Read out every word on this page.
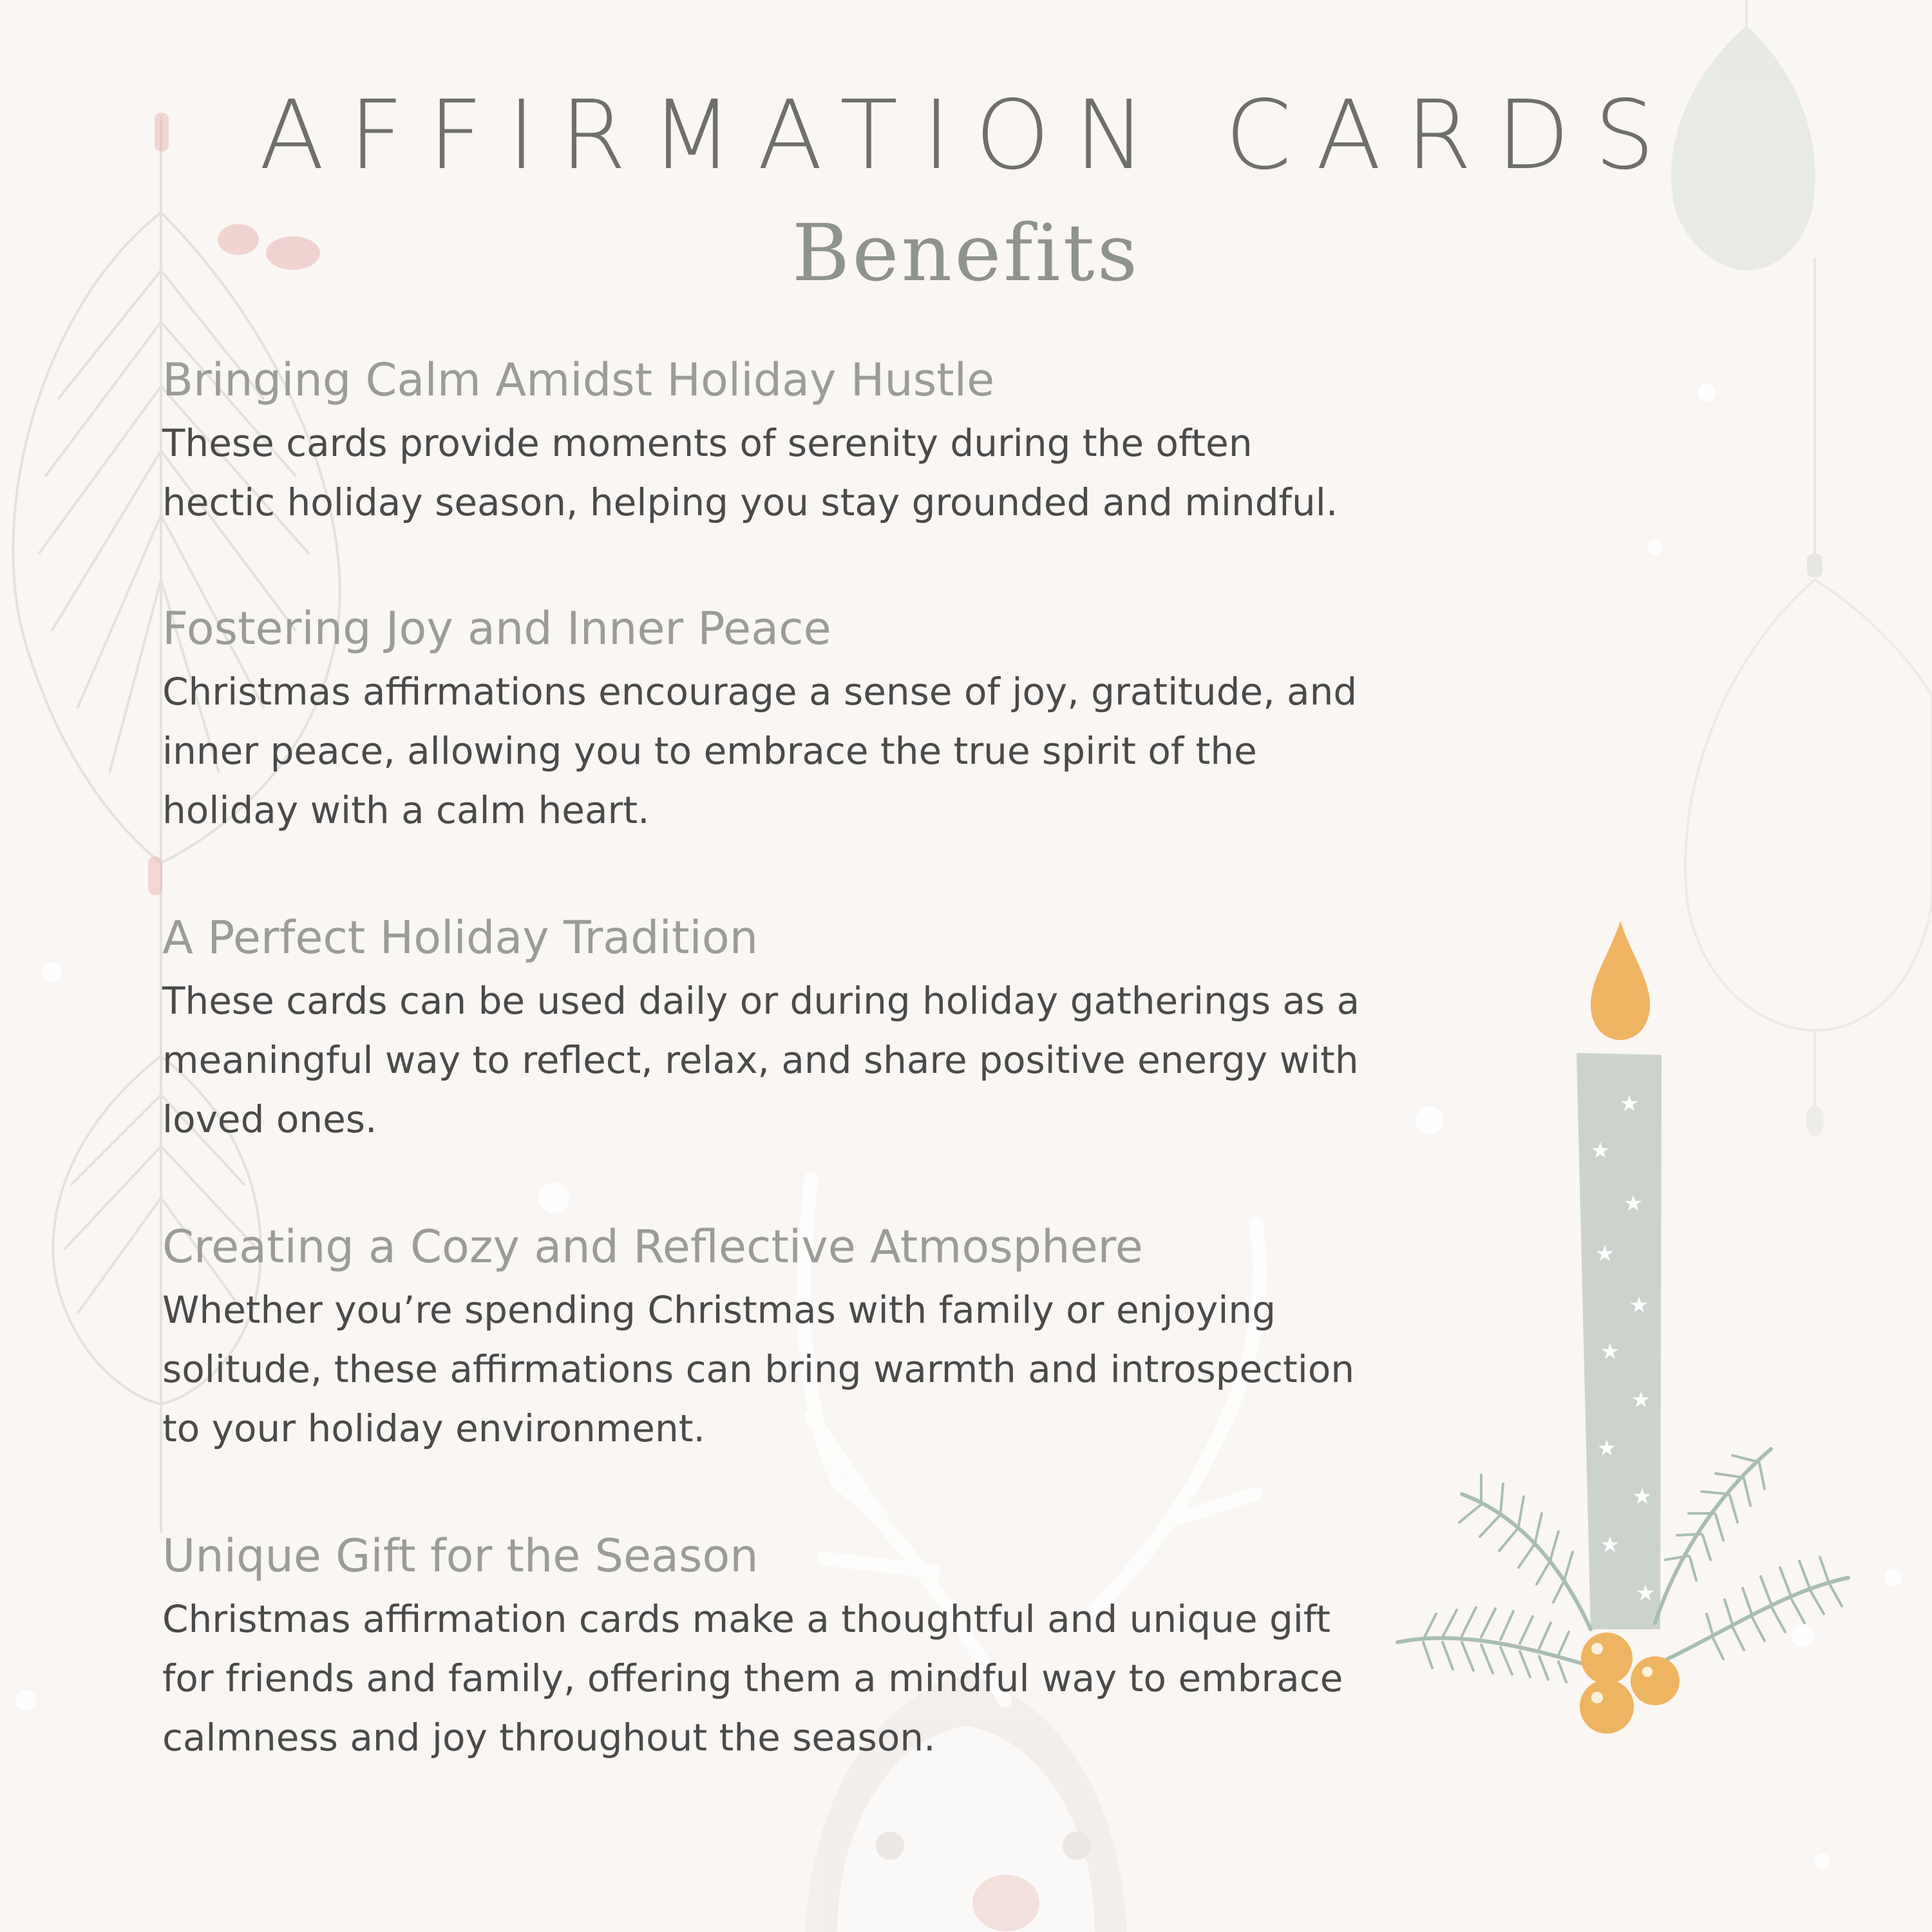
AFFIRMATION CARDS
Benefits
Bringing Calm Amidst Holiday Hustle
These cards provide moments of serenity during the often hectic holiday season, helping you stay grounded and mindful.
Fostering Joy and Inner Peace
Christmas affirmations encourage a sense of joy, gratitude, and inner peace, allowing you to embrace the true spirit of the holiday with a calm heart.
A Perfect Holiday Tradition
These cards can be used daily or during holiday gatherings as a meaningful way to reflect, relax, and share positive energy with loved ones.
Creating a Cozy and Reflective Atmosphere
Whether you’re spending Christmas with family or enjoying solitude, these affirmations can bring warmth and introspection to your holiday environment.
Unique Gift for the Season
Christmas affirmation cards make a thoughtful and unique gift for friends and family, offering them a mindful way to embrace calmness and joy throughout the season.
★
★
★
★
★
★
★
★
★
★
★
